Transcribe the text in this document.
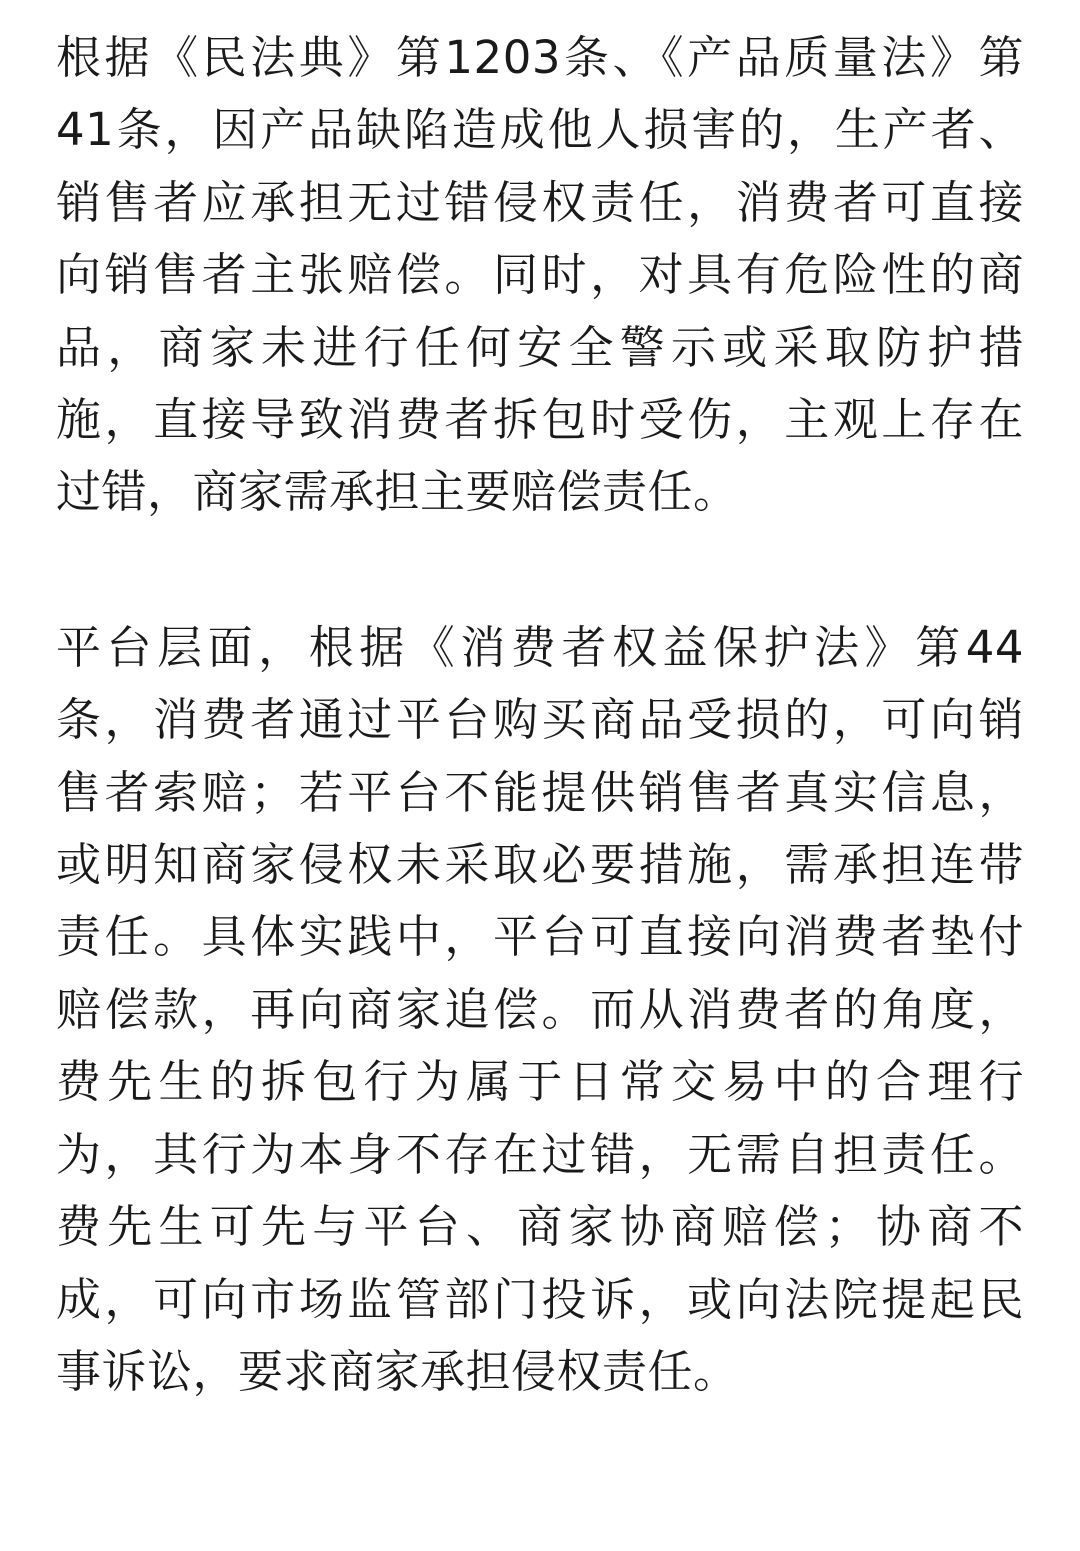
根据《民法典》第1203条、《产品质量法》第
41条，因产品缺陷造成他人损害的，生产者、
销售者应承担无过错侵权责任，消费者可直接
向销售者主张赔偿。同时，对具有危险性的商
品，商家未进行任何安全警示或采取防护措
施，直接导致消费者拆包时受伤，主观上存在
过错，商家需承担主要赔偿责任。

平台层面，根据《消费者权益保护法》第44
条，消费者通过平台购买商品受损的，可向销
售者索赔；若平台不能提供销售者真实信息，
或明知商家侵权未采取必要措施，需承担连带
责任。具体实践中，平台可直接向消费者垫付
赔偿款，再向商家追偿。而从消费者的角度，
费先生的拆包行为属于日常交易中的合理行
为，其行为本身不存在过错，无需自担责任。
费先生可先与平台、商家协商赔偿；协商不
成，可向市场监管部门投诉，或向法院提起民
事诉讼，要求商家承担侵权责任。
